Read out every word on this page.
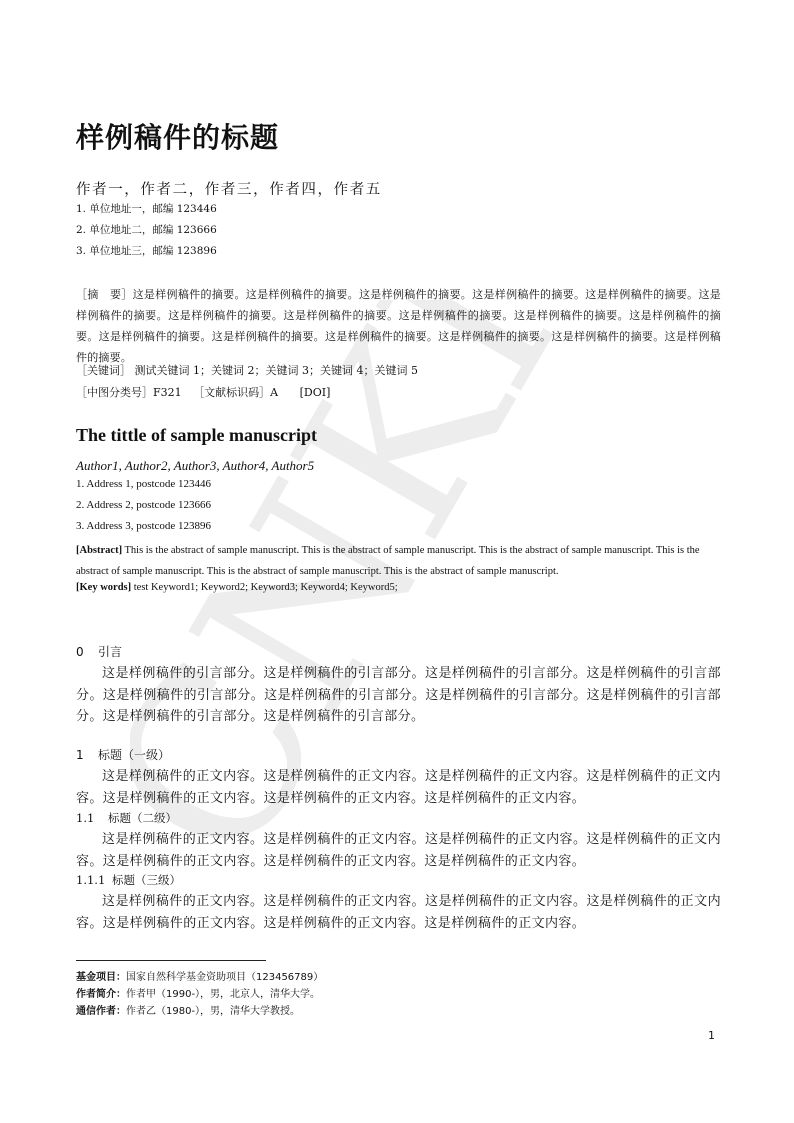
CNKI
样例稿件的标题
作者一，作者二，作者三，作者四，作者五
1. 单位地址一，邮编 123446
2. 单位地址二，邮编 123666
3. 单位地址三，邮编 123896
［摘　要］这是样例稿件的摘要。这是样例稿件的摘要。这是样例稿件的摘要。这是样例稿件的摘要。这是样例稿件的摘要。这是样例稿件的摘要。这是样例稿件的摘要。这是样例稿件的摘要。这是样例稿件的摘要。这是样例稿件的摘要。这是样例稿件的摘要。这是样例稿件的摘要。这是样例稿件的摘要。这是样例稿件的摘要。这是样例稿件的摘要。这是样例稿件的摘要。这是样例稿件的摘要。
［关键词］ 测试关键词 1；关键词 2；关键词 3；关键词 4；关键词 5
［中图分类号］F321 ［文献标识码］A [DOI]
The tittle of sample manuscript
Author1, Author2, Author3, Author4, Author5
1. Address 1, postcode 123446
2. Address 2, postcode 123666
3. Address 3, postcode 123896
[Abstract] This is the abstract of sample manuscript. This is the abstract of sample manuscript. This is the abstract of sample manuscript. This is the abstract of sample manuscript. This is the abstract of sample manuscript. This is the abstract of sample manuscript.
[Key words] test Keyword1; Keyword2; Keyword3; Keyword4; Keyword5;
0 引言
这是样例稿件的引言部分。这是样例稿件的引言部分。这是样例稿件的引言部分。这是样例稿件的引言部分。这是样例稿件的引言部分。这是样例稿件的引言部分。这是样例稿件的引言部分。这是样例稿件的引言部分。这是样例稿件的引言部分。这是样例稿件的引言部分。
1 标题（一级）
这是样例稿件的正文内容。这是样例稿件的正文内容。这是样例稿件的正文内容。这是样例稿件的正文内容。这是样例稿件的正文内容。这是样例稿件的正文内容。这是样例稿件的正文内容。
1.1 标题（二级）
这是样例稿件的正文内容。这是样例稿件的正文内容。这是样例稿件的正文内容。这是样例稿件的正文内容。这是样例稿件的正文内容。这是样例稿件的正文内容。这是样例稿件的正文内容。
1.1.1 标题（三级）
这是样例稿件的正文内容。这是样例稿件的正文内容。这是样例稿件的正文内容。这是样例稿件的正文内容。这是样例稿件的正文内容。这是样例稿件的正文内容。这是样例稿件的正文内容。
基金项目：国家自然科学基金资助项目（123456789）
作者简介：作者甲（1990-），男，北京人，清华大学。
通信作者：作者乙（1980-），男，清华大学教授。
1
